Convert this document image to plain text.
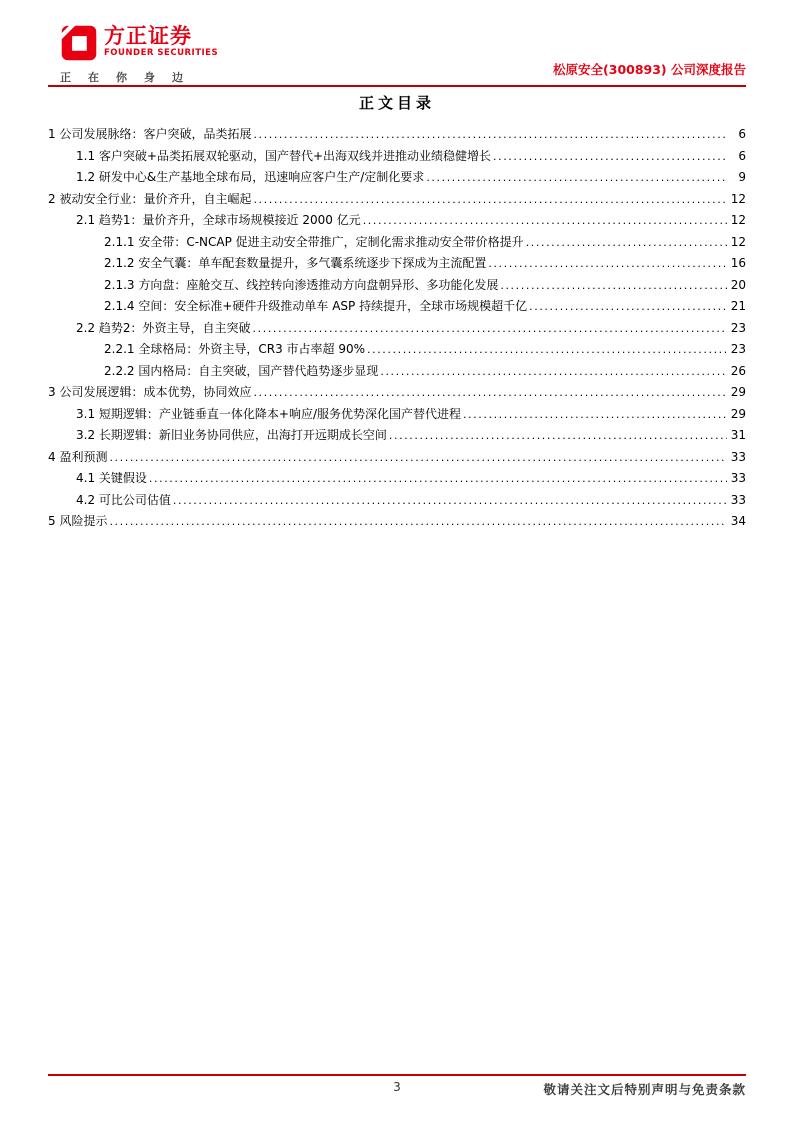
方正证券
FOUNDER SECURITIES
正在你身边
松原安全(300893) 公司深度报告
正文目录
1 公司发展脉络：客户突破，品类拓展 .....	6
1.1 客户突破+品类拓展双轮驱动，国产替代+出海双线并进推动业绩稳健增长 .....	6
1.2 研发中心&生产基地全球布局，迅速响应客户生产/定制化要求 .....	9
2 被动安全行业：量价齐升，自主崛起 .....	12
2.1 趋势1：量价齐升，全球市场规模接近 2000 亿元 .....	12
2.1.1 安全带：C-NCAP 促进主动安全带推广，定制化需求推动安全带价格提升 .....	12
2.1.2 安全气囊：单车配套数量提升，多气囊系统逐步下探成为主流配置 .....	16
2.1.3 方向盘：座舱交互、线控转向渗透推动方向盘朝异形、多功能化发展 .....	20
2.1.4 空间：安全标准+硬件升级推动单车 ASP 持续提升，全球市场规模超千亿 .....	21
2.2 趋势2：外资主导，自主突破 .....	23
2.2.1 全球格局：外资主导，CR3 市占率超 90% .....	23
2.2.2 国内格局：自主突破，国产替代趋势逐步显现 .....	26
3 公司发展逻辑：成本优势，协同效应 .....	29
3.1 短期逻辑：产业链垂直一体化降本+响应/服务优势深化国产替代进程 .....	29
3.2 长期逻辑：新旧业务协同供应，出海打开远期成长空间 .....	31
4 盈利预测 .....	33
4.1 关键假设 .....	33
4.2 可比公司估值 .....	33
5 风险提示 .....	34
3	敬请关注文后特别声明与免责条款
